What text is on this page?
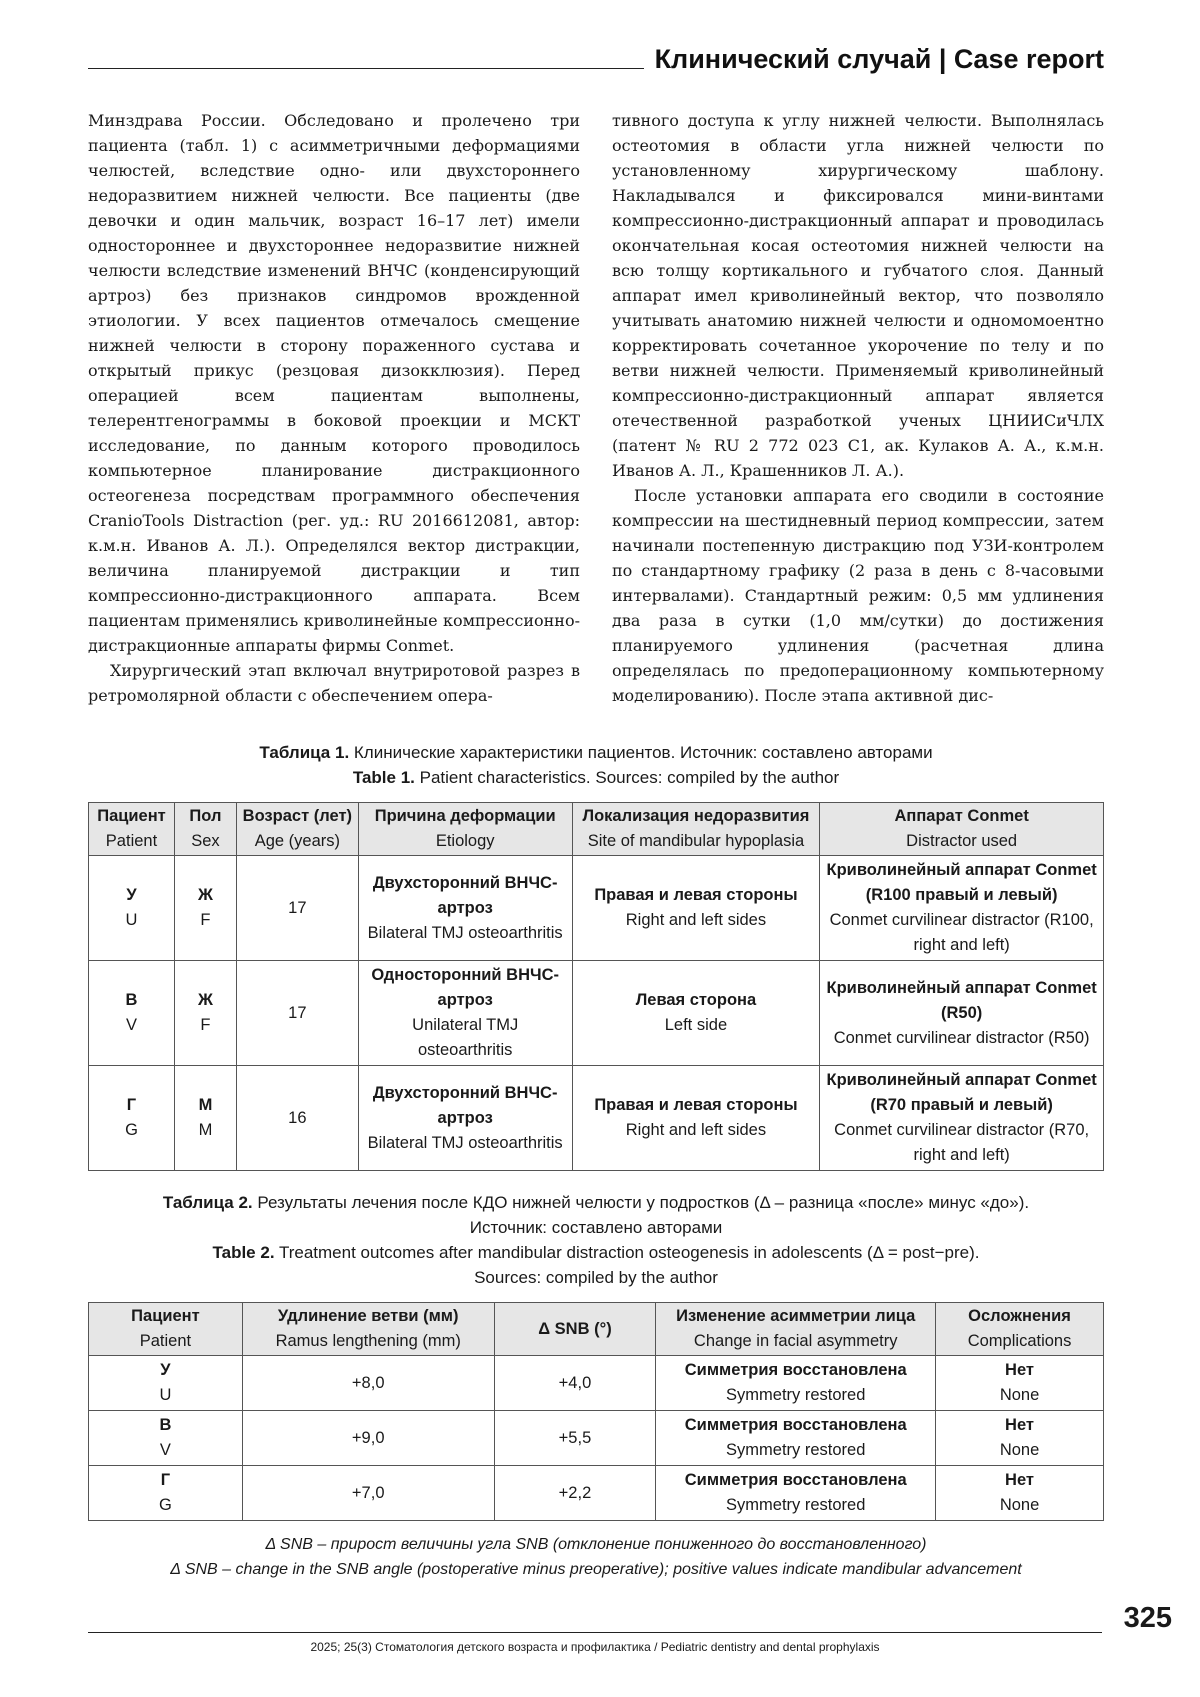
Клинический случай | Case report

Минздрава России. Обследовано и пролечено три пациента (табл. 1) с асимметричными деформациями челюстей, вследствие одно- или двухстороннего недоразвитием нижней челюсти. Все пациенты (две девочки и один мальчик, возраст 16–17 лет) имели одностороннее и двухстороннее недоразвитие нижней челюсти вследствие изменений ВНЧС (конденсирующий артроз) без признаков синдромов врожденной этиологии. У всех пациентов отмечалось смещение нижней челюсти в сторону пораженного сустава и открытый прикус (резцовая дизокклюзия). Перед операцией всем пациентам выполнены, телерентгенограммы в боковой проекции и МСКТ исследование, по данным которого проводилось компьютерное планирование дистракционного остеогенеза посредствам программного обеспечения CranioTools Distraction (рег. уд.: RU 2016612081, автор: к.м.н. Иванов А. Л.). Определялся вектор дистракции, величина планируемой дистракции и тип компрессионно-дистракционного аппарата. Всем пациентам применялись криволинейные компрессионно-дистракционные аппараты фирмы Conmet.

Хирургический этап включал внутриротовой разрез в ретромолярной области с обеспечением опера-

тивного доступа к углу нижней челюсти. Выполнялась остеотомия в области угла нижней челюсти по установленному хирургическому шаблону. Накладывался и фиксировался мини-винтами компрессионно-дистракционный аппарат и проводилась окончательная косая остеотомия нижней челюсти на всю толщу кортикального и губчатого слоя. Данный аппарат имел криволинейный вектор, что позволяло учитывать анатомию нижней челюсти и одномомоентно корректировать сочетанное укорочение по телу и по ветви нижней челюсти. Применяемый криволинейный компрессионно-дистракционный аппарат является отечественной разработкой ученых ЦНИИСиЧЛХ (патент № RU 2 772 023 C1, ак. Кулаков А. А., к.м.н. Иванов А. Л., Крашенников Л. А.).

После установки аппарата его сводили в состояние компрессии на шестидневный период компрессии, затем начинали постепенную дистракцию под УЗИ-контролем по стандартному графику (2 раза в день с 8-часовыми интервалами). Стандартный режим: 0,5 мм удлинения два раза в сутки (1,0 мм/сутки) до достижения планируемого удлинения (расчетная длина определялась по предоперационному компьютерному моделированию). После этапа активной дис-

Таблица 1. Клинические характеристики пациентов. Источник: составлено авторами
Table 1. Patient characteristics. Sources: compiled by the author
Пациент
Patient	Пол
Sex	Возраст (лет)
Age (years)	Причина деформации
Etiology	Локализация недоразвития
Site of mandibular hypoplasia	Аппарат Conmet
Distractor used

У
U	Ж
F	17	Двухсторонний ВНЧС-артроз
Bilateral TMJ osteoarthritis	Правая и левая стороны
Right and left sides	Криволинейный аппарат Conmet (R100 правый и левый)
Conmet curvilinear distractor (R100, right and left)

В
V	Ж
F	17	Односторонний ВНЧС-артроз
Unilateral TMJ osteoarthritis	Левая сторона
Left side	Криволинейный аппарат Conmet (R50)
Conmet curvilinear distractor (R50)

Г
G	М
M	16	Двухсторонний ВНЧС-артроз
Bilateral TMJ osteoarthritis	Правая и левая стороны
Right and left sides	Криволинейный аппарат Conmet (R70 правый и левый)
Conmet curvilinear distractor (R70, right and left)
Таблица 2. Результаты лечения после КДО нижней челюсти у подростков (Δ – разница «после» минус «до»).
Источник: составлено авторами
Table 2. Treatment outcomes after mandibular distraction osteogenesis in adolescents (Δ = post−pre).
Sources: compiled by the author
Пациент
Patient	Удлинение ветви (мм)
Ramus lengthening (mm)	Δ SNB (°)	Изменение асимметрии лица
Change in facial asymmetry	Осложнения
Complications

У
U	+8,0	+4,0	Симметрия восстановлена
Symmetry restored	Нет
None

В
V	+9,0	+5,5	Симметрия восстановлена
Symmetry restored	Нет
None

Г
G	+7,0	+2,2	Симметрия восстановлена
Symmetry restored	Нет
None
Δ SNB – прирост величины угла SNB (отклонение пониженного до восстановленного)
Δ SNB – change in the SNB angle (postoperative minus preoperative); positive values indicate mandibular advancement
325
2025; 25(3) Стоматология детского возраста и профилактика / Pediatric dentistry and dental prophylaxis
